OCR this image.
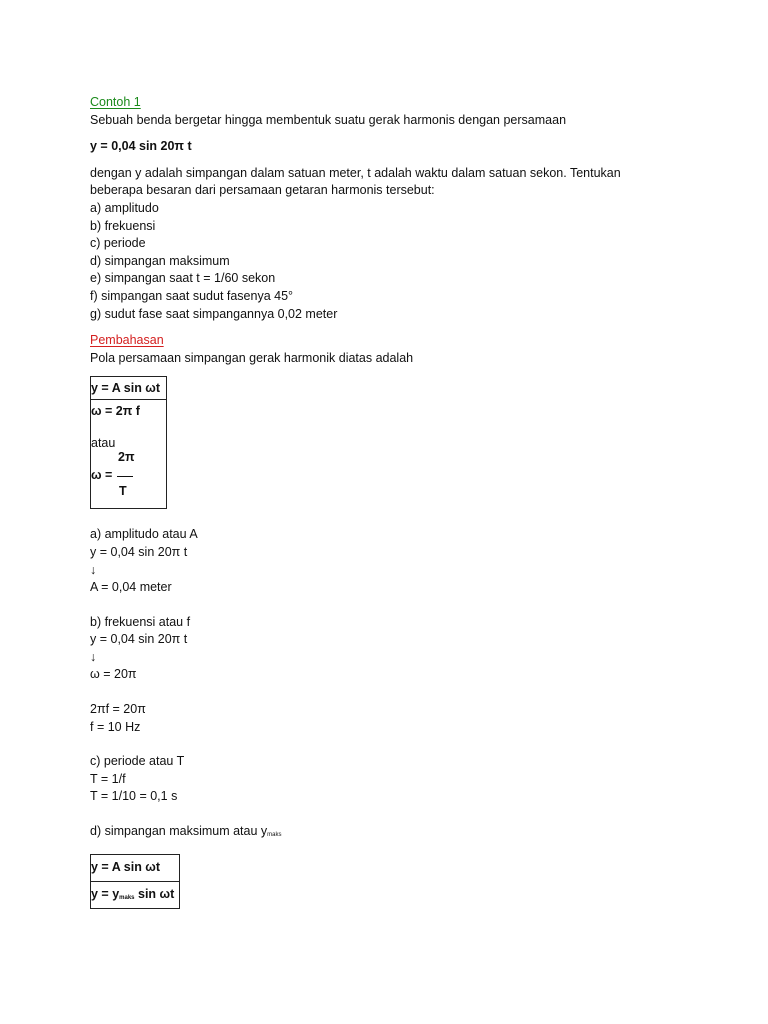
Contoh 1
Sebuah benda bergetar hingga membentuk suatu gerak harmonis dengan persamaan
y = 0,04 sin 20π t
dengan y adalah simpangan dalam satuan meter, t adalah waktu dalam satuan sekon. Tentukan
beberapa besaran dari persamaan getaran harmonis tersebut:
a) amplitudo
b) frekuensi
c) periode
d) simpangan maksimum
e) simpangan saat t = 1/60 sekon
f) simpangan saat sudut fasenya 45°
g) sudut fase saat simpangannya 0,02 meter
Pembahasan
Pola persamaan simpangan gerak harmonik diatas adalah
y = A sin ωt
ω = 2π f
atau
2π
ω =
T
a) amplitudo atau A
y = 0,04 sin 20π t
↓
A = 0,04 meter
b) frekuensi atau f
y = 0,04 sin 20π t
↓
ω = 20π
2πf = 20π
f = 10 Hz
c) periode atau T
T = 1/f
T = 1/10 = 0,1 s
d) simpangan maksimum atau $y_{maks}$
y = A sin ωt
$y = y_{maks}$ sin ωt
